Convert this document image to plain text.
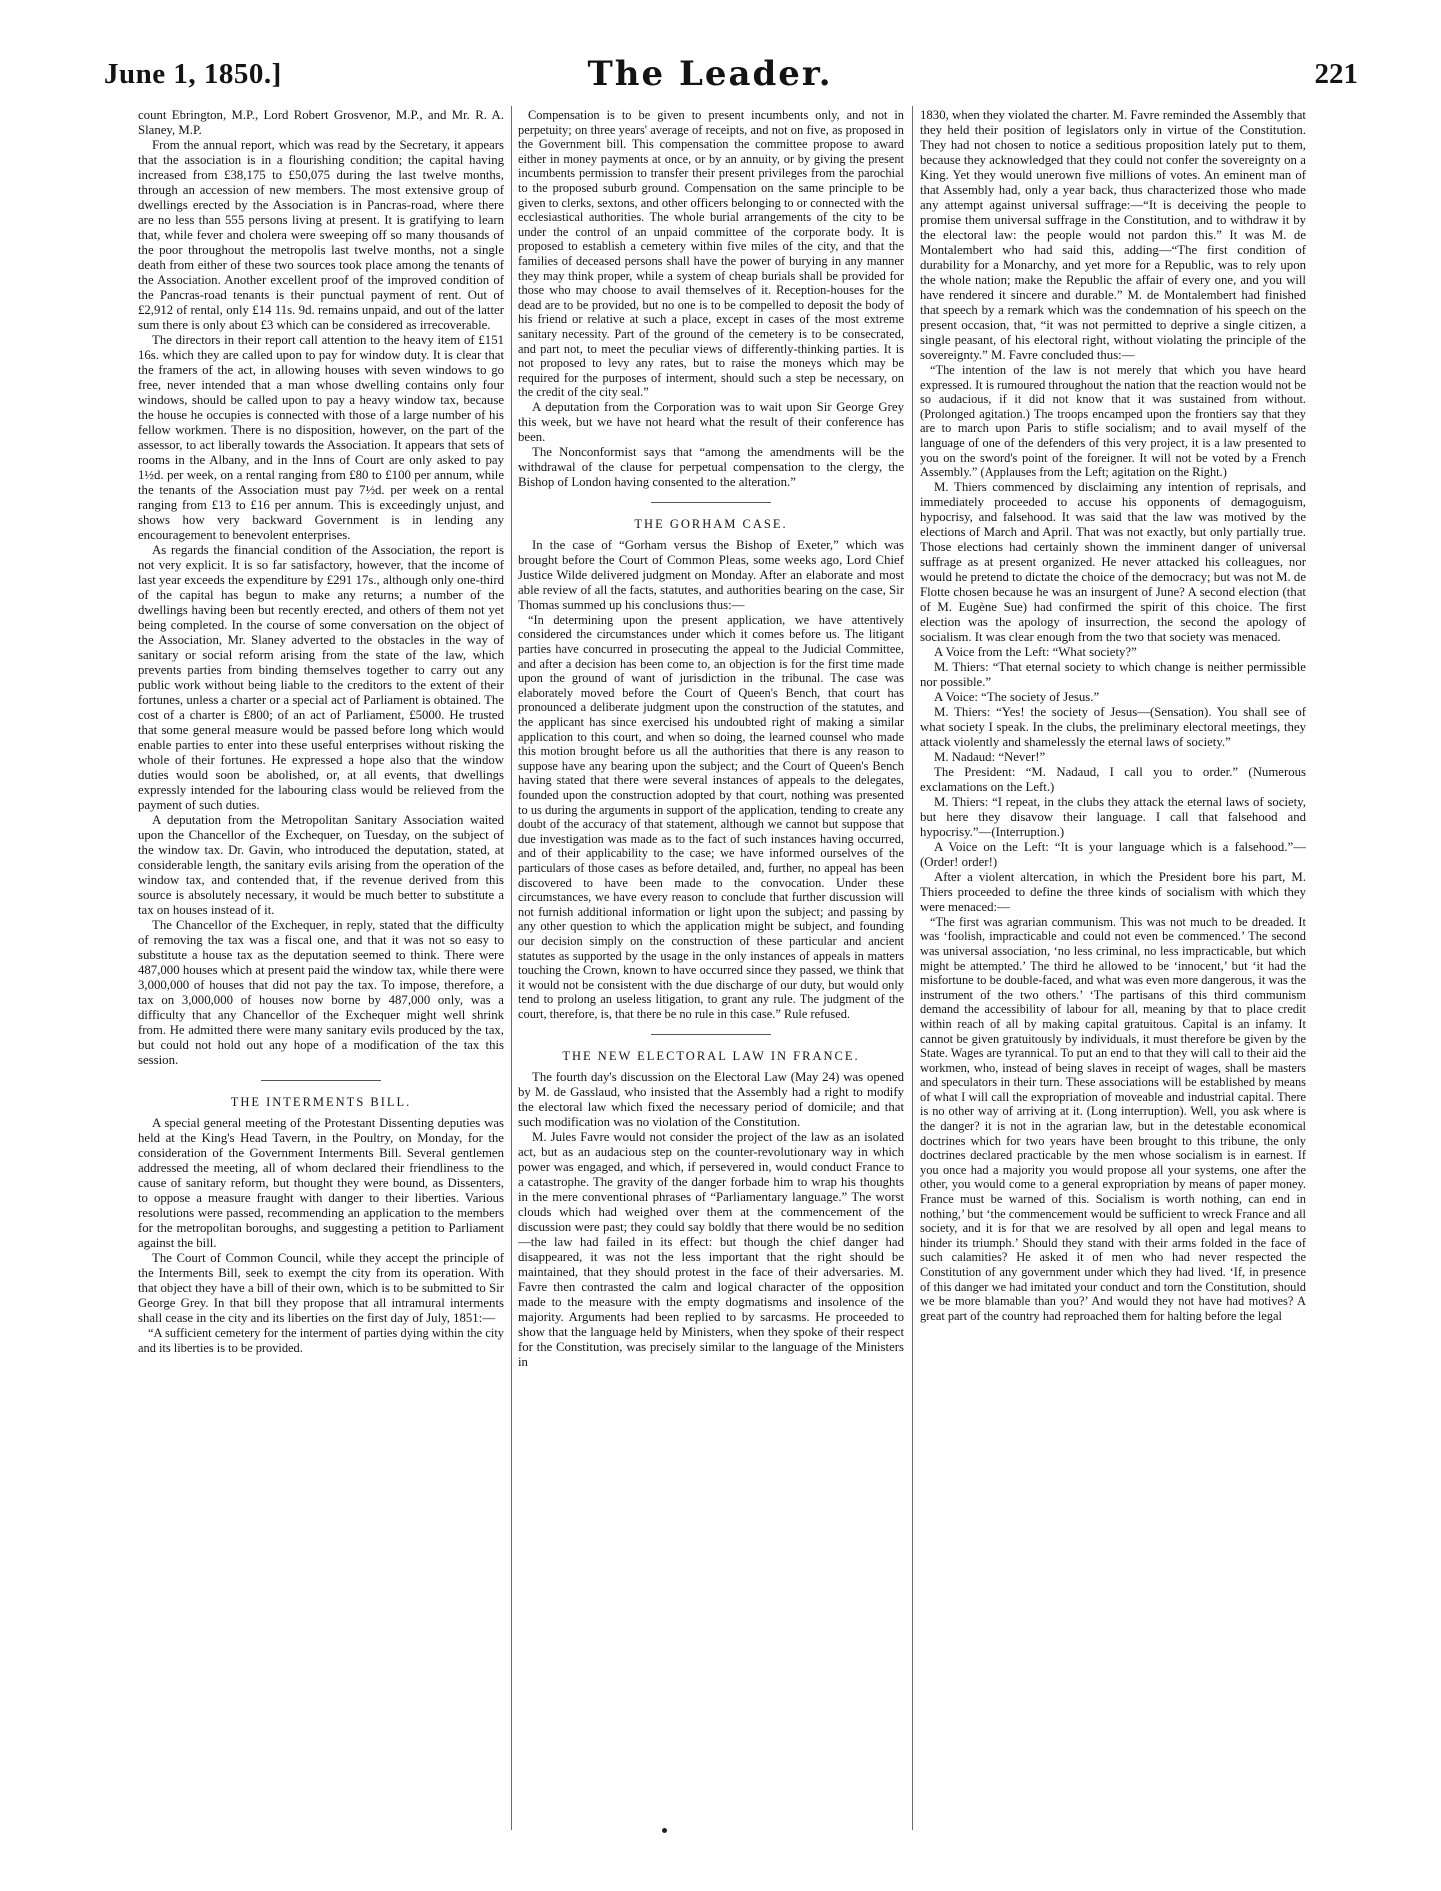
June 1, 1850.]	The Leader.	221

count Ebrington, M.P., Lord Robert Grosvenor, M.P., and Mr. R. A. Slaney, M.P.

From the annual report, which was read by the Secretary, it appears that the association is in a flourishing condition; the capital having increased from £38,175 to £50,075 during the last twelve months, through an accession of new members. The most extensive group of dwellings erected by the Association is in Pancras-road, where there are no less than 555 persons living at present. It is gratifying to learn that, while fever and cholera were sweeping off so many thousands of the poor throughout the metropolis last twelve months, not a single death from either of these two sources took place among the tenants of the Association. Another excellent proof of the improved condition of the Pancras-road tenants is their punctual payment of rent. Out of £2,912 of rental, only £14 11s. 9d. remains unpaid, and out of the latter sum there is only about £3 which can be considered as irrecoverable.

The directors in their report call attention to the heavy item of £151 16s. which they are called upon to pay for window duty. It is clear that the framers of the act, in allowing houses with seven windows to go free, never intended that a man whose dwelling contains only four windows, should be called upon to pay a heavy window tax, because the house he occupies is connected with those of a large number of his fellow workmen. There is no disposition, however, on the part of the assessor, to act liberally towards the Association. It appears that sets of rooms in the Albany, and in the Inns of Court are only asked to pay 1½d. per week, on a rental ranging from £80 to £100 per annum, while the tenants of the Association must pay 7½d. per week on a rental ranging from £13 to £16 per annum. This is exceedingly unjust, and shows how very backward Government is in lending any encouragement to benevolent enterprises.

As regards the financial condition of the Association, the report is not very explicit. It is so far satisfactory, however, that the income of last year exceeds the expenditure by £291 17s., although only one-third of the capital has begun to make any returns; a number of the dwellings having been but recently erected, and others of them not yet being completed. In the course of some conversation on the object of the Association, Mr. Slaney adverted to the obstacles in the way of sanitary or social reform arising from the state of the law, which prevents parties from binding themselves together to carry out any public work without being liable to the creditors to the extent of their fortunes, unless a charter or a special act of Parliament is obtained. The cost of a charter is £800; of an act of Parliament, £5000. He trusted that some general measure would be passed before long which would enable parties to enter into these useful enterprises without risking the whole of their fortunes. He expressed a hope also that the window duties would soon be abolished, or, at all events, that dwellings expressly intended for the labouring class would be relieved from the payment of such duties.

A deputation from the Metropolitan Sanitary Association waited upon the Chancellor of the Exchequer, on Tuesday, on the subject of the window tax. Dr. Gavin, who introduced the deputation, stated, at considerable length, the sanitary evils arising from the operation of the window tax, and contended that, if the revenue derived from this source is absolutely necessary, it would be much better to substitute a tax on houses instead of it.

The Chancellor of the Exchequer, in reply, stated that the difficulty of removing the tax was a fiscal one, and that it was not so easy to substitute a house tax as the deputation seemed to think. There were 487,000 houses which at present paid the window tax, while there were 3,000,000 of houses that did not pay the tax. To impose, therefore, a tax on 3,000,000 of houses now borne by 487,000 only, was a difficulty that any Chancellor of the Exchequer might well shrink from. He admitted there were many sanitary evils produced by the tax, but could not hold out any hope of a modification of the tax this session.

THE INTERMENTS BILL.

A special general meeting of the Protestant Dissenting deputies was held at the King's Head Tavern, in the Poultry, on Monday, for the consideration of the Government Interments Bill. Several gentlemen addressed the meeting, all of whom declared their friendliness to the cause of sanitary reform, but thought they were bound, as Dissenters, to oppose a measure fraught with danger to their liberties. Various resolutions were passed, recommending an application to the members for the metropolitan boroughs, and suggesting a petition to Parliament against the bill.

The Court of Common Council, while they accept the principle of the Interments Bill, seek to exempt the city from its operation. With that object they have a bill of their own, which is to be submitted to Sir George Grey. In that bill they propose that all intramural interments shall cease in the city and its liberties on the first day of July, 1851:—

“A sufficient cemetery for the interment of parties dying within the city and its liberties is to be provided.

Compensation is to be given to present incumbents only, and not in perpetuity; on three years' average of receipts, and not on five, as proposed in the Government bill. This compensation the committee propose to award either in money payments at once, or by an annuity, or by giving the present incumbents permission to transfer their present privileges from the parochial to the proposed suburb ground. Compensation on the same principle to be given to clerks, sextons, and other officers belonging to or connected with the ecclesiastical authorities. The whole burial arrangements of the city to be under the control of an unpaid committee of the corporate body. It is proposed to establish a cemetery within five miles of the city, and that the families of deceased persons shall have the power of burying in any manner they may think proper, while a system of cheap burials shall be provided for those who may choose to avail themselves of it. Reception-houses for the dead are to be provided, but no one is to be compelled to deposit the body of his friend or relative at such a place, except in cases of the most extreme sanitary necessity. Part of the ground of the cemetery is to be consecrated, and part not, to meet the peculiar views of differently-thinking parties. It is not proposed to levy any rates, but to raise the moneys which may be required for the purposes of interment, should such a step be necessary, on the credit of the city seal.”

A deputation from the Corporation was to wait upon Sir George Grey this week, but we have not heard what the result of their conference has been.

The Nonconformist says that “among the amendments will be the withdrawal of the clause for perpetual compensation to the clergy, the Bishop of London having consented to the alteration.”

THE GORHAM CASE.

In the case of “Gorham versus the Bishop of Exeter,” which was brought before the Court of Common Pleas, some weeks ago, Lord Chief Justice Wilde delivered judgment on Monday. After an elaborate and most able review of all the facts, statutes, and authorities bearing on the case, Sir Thomas summed up his conclusions thus:—

“In determining upon the present application, we have attentively considered the circumstances under which it comes before us. The litigant parties have concurred in prosecuting the appeal to the Judicial Committee, and after a decision has been come to, an objection is for the first time made upon the ground of want of jurisdiction in the tribunal. The case was elaborately moved before the Court of Queen's Bench, that court has pronounced a deliberate judgment upon the construction of the statutes, and the applicant has since exercised his undoubted right of making a similar application to this court, and when so doing, the learned counsel who made this motion brought before us all the authorities that there is any reason to suppose have any bearing upon the subject; and the Court of Queen's Bench having stated that there were several instances of appeals to the delegates, founded upon the construction adopted by that court, nothing was presented to us during the arguments in support of the application, tending to create any doubt of the accuracy of that statement, although we cannot but suppose that due investigation was made as to the fact of such instances having occurred, and of their applicability to the case; we have informed ourselves of the particulars of those cases as before detailed, and, further, no appeal has been discovered to have been made to the convocation. Under these circumstances, we have every reason to conclude that further discussion will not furnish additional information or light upon the subject; and passing by any other question to which the application might be subject, and founding our decision simply on the construction of these particular and ancient statutes as supported by the usage in the only instances of appeals in matters touching the Crown, known to have occurred since they passed, we think that it would not be consistent with the due discharge of our duty, but would only tend to prolong an useless litigation, to grant any rule. The judgment of the court, therefore, is, that there be no rule in this case.” Rule refused.

THE NEW ELECTORAL LAW IN FRANCE.

The fourth day's discussion on the Electoral Law (May 24) was opened by M. de Gasslaud, who insisted that the Assembly had a right to modify the electoral law which fixed the necessary period of domicile; and that such modification was no violation of the Constitution.

M. Jules Favre would not consider the project of the law as an isolated act, but as an audacious step on the counter-revolutionary way in which power was engaged, and which, if persevered in, would conduct France to a catastrophe. The gravity of the danger forbade him to wrap his thoughts in the mere conventional phrases of “Parliamentary language.” The worst clouds which had weighed over them at the commencement of the discussion were past; they could say boldly that there would be no sedition—the law had failed in its effect: but though the chief danger had disappeared, it was not the less important that the right should be maintained, that they should protest in the face of their adversaries. M. Favre then contrasted the calm and logical character of the opposition made to the measure with the empty dogmatisms and insolence of the majority. Arguments had been replied to by sarcasms. He proceeded to show that the language held by Ministers, when they spoke of their respect for the Constitution, was precisely similar to the language of the Ministers in

1830, when they violated the charter. M. Favre reminded the Assembly that they held their position of legislators only in virtue of the Constitution. They had not chosen to notice a seditious proposition lately put to them, because they acknowledged that they could not confer the sovereignty on a King. Yet they would unerown five millions of votes. An eminent man of that Assembly had, only a year back, thus characterized those who made any attempt against universal suffrage:—“It is deceiving the people to promise them universal suffrage in the Constitution, and to withdraw it by the electoral law: the people would not pardon this.” It was M. de Montalembert who had said this, adding—“The first condition of durability for a Monarchy, and yet more for a Republic, was to rely upon the whole nation; make the Republic the affair of every one, and you will have rendered it sincere and durable.” M. de Montalembert had finished that speech by a remark which was the condemnation of his speech on the present occasion, that, “it was not permitted to deprive a single citizen, a single peasant, of his electoral right, without violating the principle of the sovereignty.” M. Favre concluded thus:—

“The intention of the law is not merely that which you have heard expressed. It is rumoured throughout the nation that the reaction would not be so audacious, if it did not know that it was sustained from without. (Prolonged agitation.) The troops encamped upon the frontiers say that they are to march upon Paris to stifle socialism; and to avail myself of the language of one of the defenders of this very project, it is a law presented to you on the sword's point of the foreigner. It will not be voted by a French Assembly.” (Applauses from the Left; agitation on the Right.)

M. Thiers commenced by disclaiming any intention of reprisals, and immediately proceeded to accuse his opponents of demagoguism, hypocrisy, and falsehood. It was said that the law was motived by the elections of March and April. That was not exactly, but only partially true. Those elections had certainly shown the imminent danger of universal suffrage as at present organized. He never attacked his colleagues, nor would he pretend to dictate the choice of the democracy; but was not M. de Flotte chosen because he was an insurgent of June? A second election (that of M. Eugène Sue) had confirmed the spirit of this choice. The first election was the apology of insurrection, the second the apology of socialism. It was clear enough from the two that society was menaced.

A Voice from the Left: “What society?”

M. Thiers: “That eternal society to which change is neither permissible nor possible.”

A Voice: “The society of Jesus.”

M. Thiers: “Yes! the society of Jesus—(Sensation). You shall see of what society I speak. In the clubs, the preliminary electoral meetings, they attack violently and shamelessly the eternal laws of society.”

M. Nadaud: “Never!”

The President: “M. Nadaud, I call you to order.” (Numerous exclamations on the Left.)

M. Thiers: “I repeat, in the clubs they attack the eternal laws of society, but here they disavow their language. I call that falsehood and hypocrisy.”—(Interruption.)

A Voice on the Left: “It is your language which is a falsehood.”—(Order! order!)

After a violent altercation, in which the President bore his part, M. Thiers proceeded to define the three kinds of socialism with which they were menaced:—

“The first was agrarian communism. This was not much to be dreaded. It was ‘foolish, impracticable and could not even be commenced.’ The second was universal association, ‘no less criminal, no less impracticable, but which might be attempted.’ The third he allowed to be ‘innocent,’ but ‘it had the misfortune to be double-faced, and what was even more dangerous, it was the instrument of the two others.’ ‘The partisans of this third communism demand the accessibility of labour for all, meaning by that to place credit within reach of all by making capital gratuitous. Capital is an infamy. It cannot be given gratuitously by individuals, it must therefore be given by the State. Wages are tyrannical. To put an end to that they will call to their aid the workmen, who, instead of being slaves in receipt of wages, shall be masters and speculators in their turn. These associations will be established by means of what I will call the expropriation of moveable and industrial capital. There is no other way of arriving at it. (Long interruption). Well, you ask where is the danger? it is not in the agrarian law, but in the detestable economical doctrines which for two years have been brought to this tribune, the only doctrines declared practicable by the men whose socialism is in earnest. If you once had a majority you would propose all your systems, one after the other, you would come to a general expropriation by means of paper money. France must be warned of this. Socialism is worth nothing, can end in nothing,’ but ‘the commencement would be sufficient to wreck France and all society, and it is for that we are resolved by all open and legal means to hinder its triumph.’ Should they stand with their arms folded in the face of such calamities? He asked it of men who had never respected the Constitution of any government under which they had lived. ‘If, in presence of this danger we had imitated your conduct and torn the Constitution, should we be more blamable than you?’ And would they not have had motives? A great part of the country had reproached them for halting before the legal
